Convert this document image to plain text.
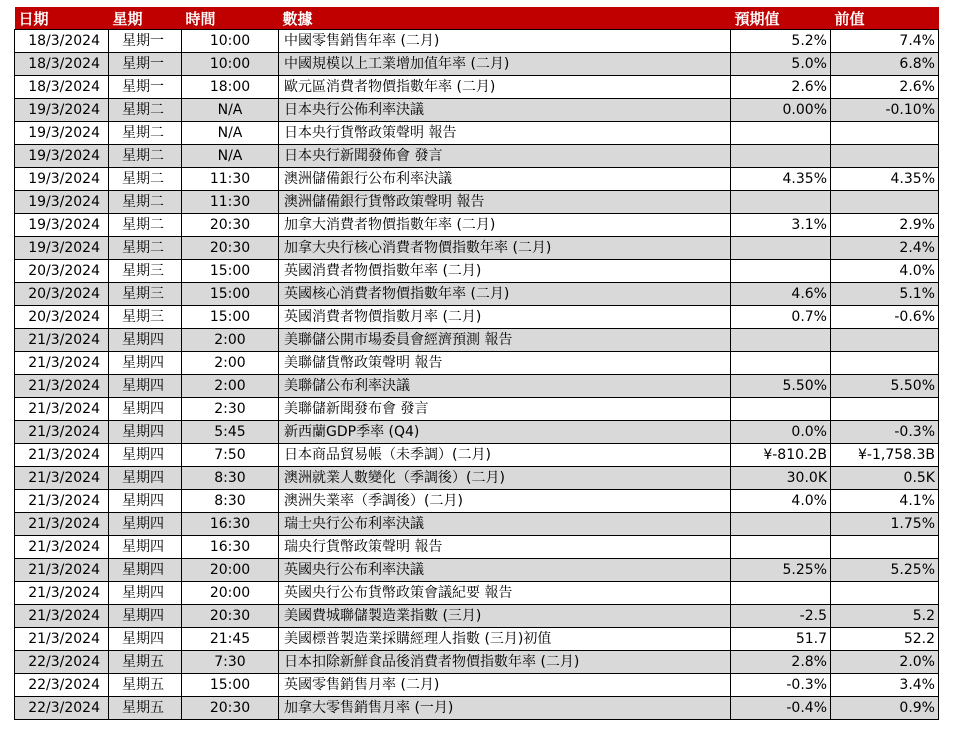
日期	星期	時間	數據	預期值	前值
18/3/2024	星期一	10:00	中國零售銷售年率 (二月)	5.2%	7.4%
18/3/2024	星期一	10:00	中國規模以上工業增加值年率 (二月)	5.0%	6.8%
18/3/2024	星期一	18:00	歐元區消費者物價指數年率 (二月)	2.6%	2.6%
19/3/2024	星期二	N/A	日本央行公佈利率決議	0.00%	-0.10%
19/3/2024	星期二	N/A	日本央行貨幣政策聲明 報告		
19/3/2024	星期二	N/A	日本央行新聞發佈會 發言		
19/3/2024	星期二	11:30	澳洲儲備銀行公布利率決議	4.35%	4.35%
19/3/2024	星期二	11:30	澳洲儲備銀行貨幣政策聲明 報告		
19/3/2024	星期二	20:30	加拿大消費者物價指數年率 (二月)	3.1%	2.9%
19/3/2024	星期二	20:30	加拿大央行核心消費者物價指數年率 (二月)		2.4%
20/3/2024	星期三	15:00	英國消費者物價指數年率 (二月)		4.0%
20/3/2024	星期三	15:00	英國核心消費者物價指數年率 (二月)	4.6%	5.1%
20/3/2024	星期三	15:00	英國消費者物價指數月率 (二月)	0.7%	-0.6%
21/3/2024	星期四	2:00	美聯儲公開市場委員會經濟預測 報告		
21/3/2024	星期四	2:00	美聯儲貨幣政策聲明 報告		
21/3/2024	星期四	2:00	美聯儲公布利率決議	5.50%	5.50%
21/3/2024	星期四	2:30	美聯儲新聞發布會 發言		
21/3/2024	星期四	5:45	新西蘭GDP季率 (Q4)	0.0%	-0.3%
21/3/2024	星期四	7:50	日本商品貿易帳（未季調）(二月)	¥-810.2B	¥-1,758.3B
21/3/2024	星期四	8:30	澳洲就業人數變化（季調後）(二月)	30.0K	0.5K
21/3/2024	星期四	8:30	澳洲失業率（季調後）(二月)	4.0%	4.1%
21/3/2024	星期四	16:30	瑞士央行公布利率決議		1.75%
21/3/2024	星期四	16:30	瑞央行貨幣政策聲明 報告		
21/3/2024	星期四	20:00	英國央行公布利率決議	5.25%	5.25%
21/3/2024	星期四	20:00	英國央行公布貨幣政策會議紀要 報告		
21/3/2024	星期四	20:30	美國費城聯儲製造業指數 (三月)	-2.5	5.2
21/3/2024	星期四	21:45	美國標普製造業採購經理人指數 (三月)初值	51.7	52.2
22/3/2024	星期五	7:30	日本扣除新鮮食品後消費者物價指數年率 (二月)	2.8%	2.0%
22/3/2024	星期五	15:00	英國零售銷售月率 (二月)	-0.3%	3.4%
22/3/2024	星期五	20:30	加拿大零售銷售月率 (一月)	-0.4%	0.9%
